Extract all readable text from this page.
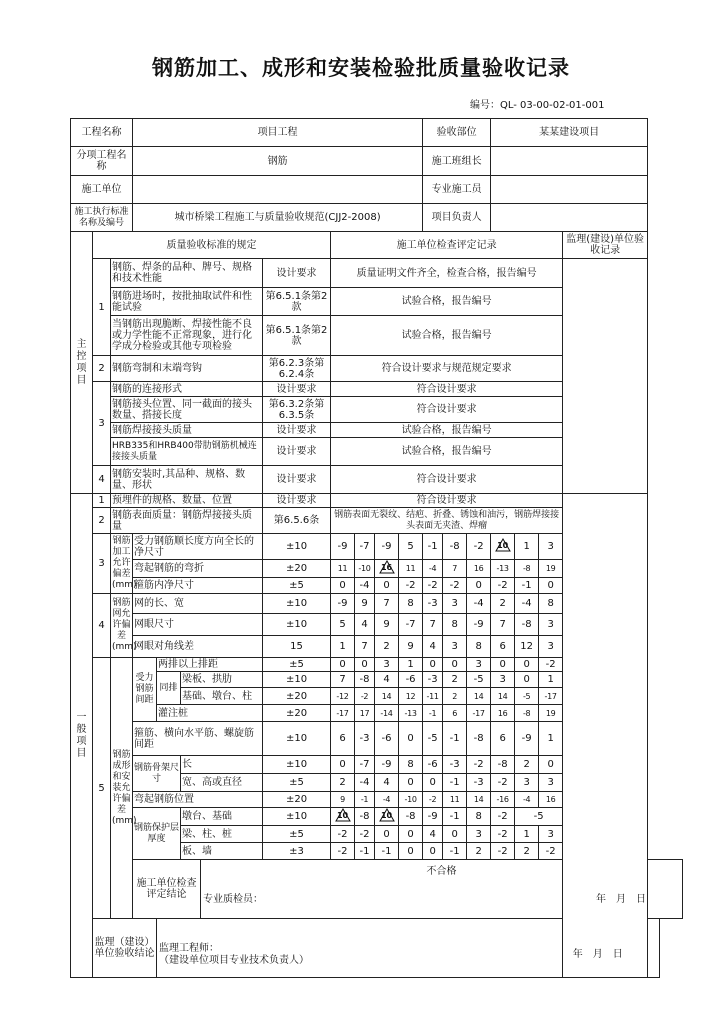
钢筋加工、成形和安装检验批质量验收记录
编号：QL- 03-00-02-01-001
工程名称			项目工程									验收部位			某某建设项目			
分项工程名称			钢筋									施工班组长						
施工单位												专业施工员						
施工执行标准名称及编号			城市桥梁工程施工与质量验收规范(CJJ2-2008)									项目负责人						
主控项目	质量验收标准的规定							施工单位检查评定记录										监理(建设)单位验收记录
	1	钢筋、焊条的品种、牌号、规格和技术性能					设计要求	质量证明文件齐全，检查合格，报告编号										
		钢筋进场时，按批抽取试件和性能试验					第6.5.1条第2款	试验合格，报告编号										
		当钢筋出现脆断、焊接性能不良或力学性能不正常现象，进行化学成分检验或其他专项检验					第6.5.1条第2款	试验合格，报告编号										
	2	钢筋弯制和末端弯钩					第6.2.3条第6.2.4条	符合设计要求与规范规定要求										
	3	钢筋的连接形式					设计要求	符合设计要求										
		钢筋接头位置、同一截面的接头数量、搭接长度					第6.3.2条第6.3.5条	符合设计要求										
		钢筋焊接接头质量					设计要求	试验合格，报告编号										
		HRB335和HRB400带肋钢筋机械连接接头质量					设计要求	试验合格，报告编号										
	4	钢筋安装时,其品种、规格、数量、形状					设计要求	符合设计要求										
一般项目	1	预埋件的规格、数量、位置					设计要求	符合设计要求										
	2	钢筋表面质量：钢筋焊接接头质量					第6.5.6条	钢筋表面无裂纹、结疤、折叠、锈蚀和油污，钢筋焊接接头表面无夹渣、焊瘤										
	3	钢筋加工允许偏差(mm)	受力钢筋顺长度方向全长的净尺寸				±10	-9	-7	-9	5	-1	-8	-2	10	1	3	
			弯起钢筋的弯折				±20	11	-10	16	11	-4	7	16	-13	-8	19	
			箍筋内净尺寸				±5	0	-4	0	-2	-2	-2	0	-2	-1	0	
	4	钢筋网允许偏差(mm)	网的长、宽				±10	-9	9	7	8	-3	3	-4	2	-4	8	
			网眼尺寸				±10	5	4	9	-7	7	8	-9	7	-8	3	
			网眼对角线差				15	1	7	2	9	4	3	8	6	12	3	
	5	钢筋成形和安装允许偏差(mm)	受力钢筋间距	两排以上排距			±5	0	0	3	1	0	0	3	0	0	-2	
				同排	梁板、拱肋		±10	7	-8	4	-6	-3	2	-5	3	0	1	
					基础、墩台、柱		±20	-12	-2	14	12	-11	2	14	14	-5	-17	
				灌注桩			±20	-17	17	-14	-13	-1	6	-17	16	-8	19	
			箍筋、横向水平筋、螺旋筋间距				±10	6	-3	-6	0	-5	-1	-8	6	-9	1	
			钢筋骨架尺寸		长		±10	0	-7	-9	8	-6	-3	-2	-8	2	0	
					宽、高或直径		±5	2	-4	4	0	0	-1	-3	-2	3	3	
			弯起钢筋位置				±20	9	-1	-4	-10	-2	11	14	-16	-4	16	
			钢筋保护层厚度		墩台、基础		±10	10	-8	10	-8	-9	-1	8	-2	-5		
					梁、柱、桩		±5	-2	-2	0	0	4	0	3	-2	1	3	
					板、墙		±3	-2	-1	-1	0	0	-1	2	-2	2	-2	
			施工单位检查评定结论			不合格
专业质检员： 年　月　日												

	监理（建设）单位验收结论			监理工程师：
（建设单位项目专业技术负责人）
年　月　日														
